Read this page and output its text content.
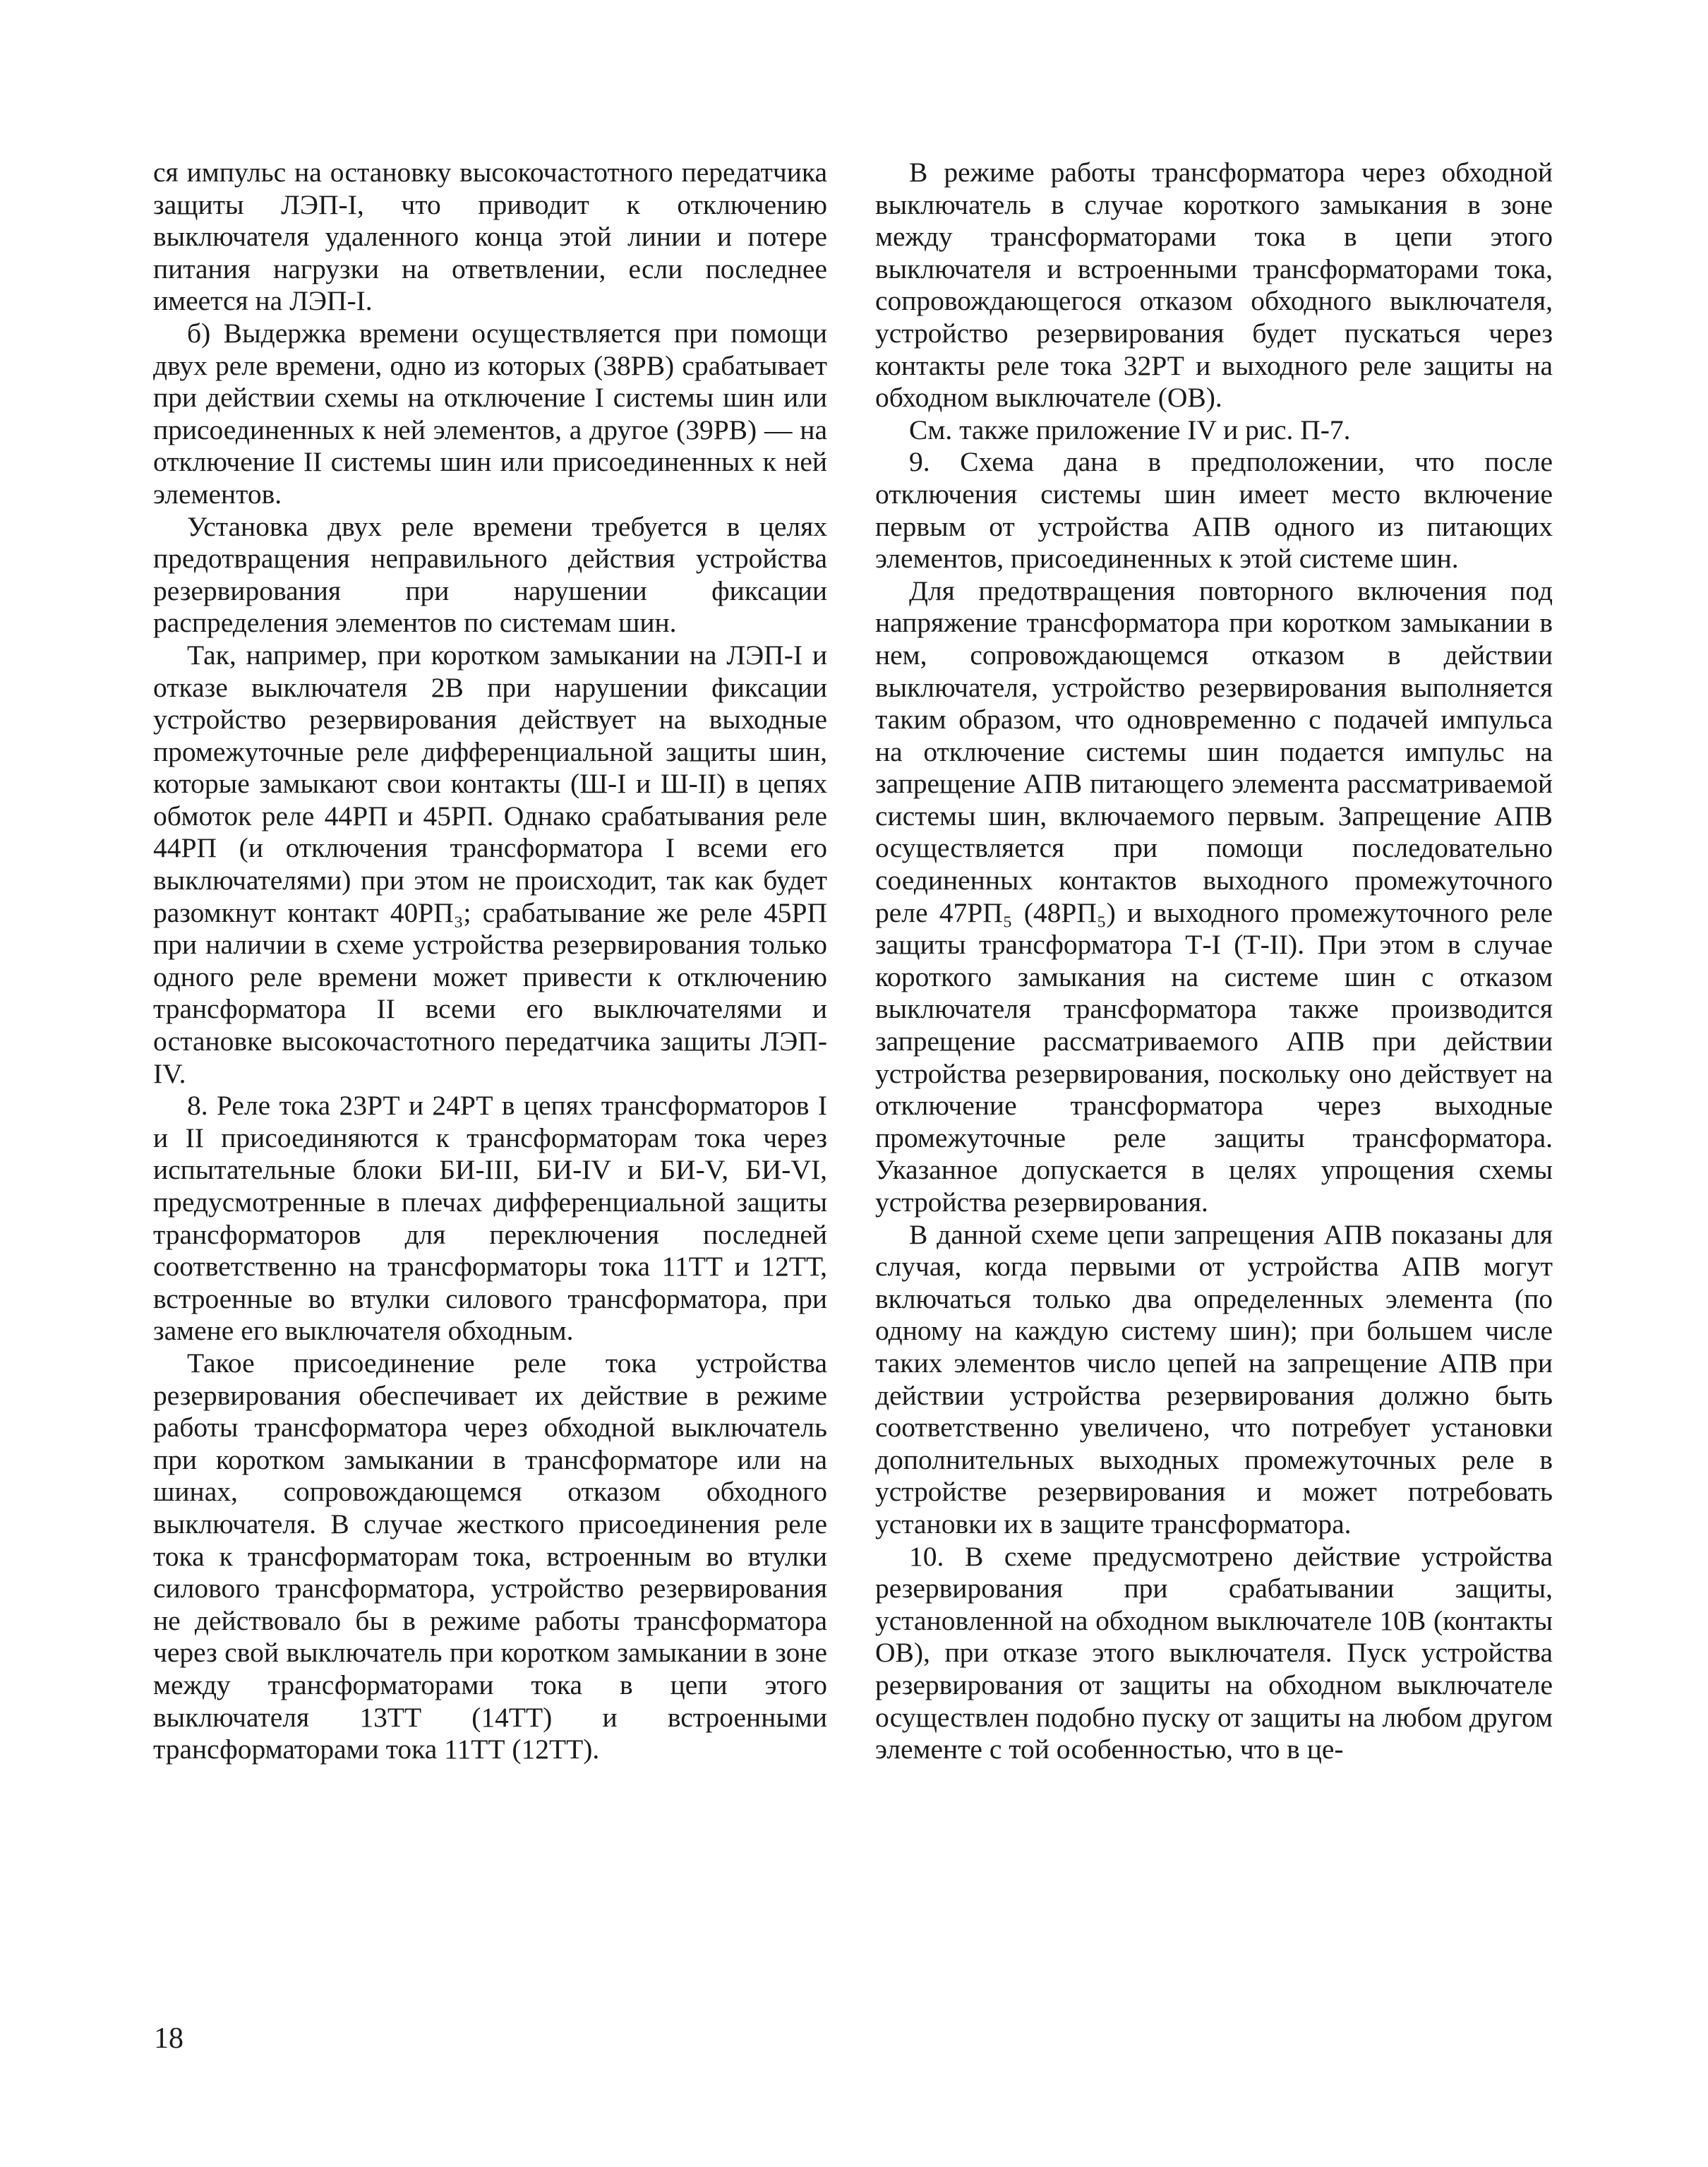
ся импульс на остановку высокочастотного передатчика защиты ЛЭП-I, что приводит к отключению выключателя удаленного конца этой линии и потере питания нагрузки на ответвлении, если последнее имеется на ЛЭП-I.

б) Выдержка времени осуществляется при помощи двух реле времени, одно из которых (38РВ) срабатывает при действии схемы на отключение I системы шин или присоединенных к ней элементов, а другое (39РВ) — на отключение II системы шин или присоединенных к ней элементов.

Установка двух реле времени требуется в целях предотвращения неправильного действия устройства резервирования при нарушении фиксации распределения элементов по системам шин.

Так, например, при коротком замыкании на ЛЭП-I и отказе выключателя 2В при нарушении фиксации устройство резервирования действует на выходные промежуточные реле дифференциальной защиты шин, которые замыкают свои контакты (Ш-I и Ш-II) в цепях обмоток реле 44РП и 45РП. Однако срабатывания реле 44РП (и отключения трансформатора I всеми его выключателями) при этом не происходит, так как будет разомкнут контакт 40РП₃; срабатывание же реле 45РП при наличии в схеме устройства резервирования только одного реле времени может привести к отключению трансформатора II всеми его выключателями и остановке высокочастотного передатчика защиты ЛЭП-IV.

8. Реле тока 23РТ и 24РТ в цепях трансформаторов I и II присоединяются к трансформаторам тока через испытательные блоки БИ-III, БИ-IV и БИ-V, БИ-VI, предусмотренные в плечах дифференциальной защиты трансформаторов для переключения последней соответственно на трансформаторы тока 11ТТ и 12ТТ, встроенные во втулки силового трансформатора, при замене его выключателя обходным.

Такое присоединение реле тока устройства резервирования обеспечивает их действие в режиме работы трансформатора через обходной выключатель при коротком замыкании в трансформаторе или на шинах, сопровождающемся отказом обходного выключателя. В случае жесткого присоединения реле тока к трансформаторам тока, встроенным во втулки силового трансформатора, устройство резервирования не действовало бы в режиме работы трансформатора через свой выключатель при коротком замыкании в зоне между трансформаторами тока в цепи этого выключателя 13ТТ (14ТТ) и встроенными трансформаторами тока 11ТТ (12ТТ).

В режиме работы трансформатора через обходной выключатель в случае короткого замыкания в зоне между трансформаторами тока в цепи этого выключателя и встроенными трансформаторами тока, сопровождающегося отказом обходного выключателя, устройство резервирования будет пускаться через контакты реле тока 32РТ и выходного реле защиты на обходном выключателе (ОВ).

См. также приложение IV и рис. П-7.

9. Схема дана в предположении, что после отключения системы шин имеет место включение первым от устройства АПВ одного из питающих элементов, присоединенных к этой системе шин.

Для предотвращения повторного включения под напряжение трансформатора при коротком замыкании в нем, сопровождающемся отказом в действии выключателя, устройство резервирования выполняется таким образом, что одновременно с подачей импульса на отключение системы шин подается импульс на запрещение АПВ питающего элемента рассматриваемой системы шин, включаемого первым. Запрещение АПВ осуществляется при помощи последовательно соединенных контактов выходного промежуточного реле 47РП₅ (48РП₅) и выходного промежуточного реле защиты трансформатора Т-I (Т-II). При этом в случае короткого замыкания на системе шин с отказом выключателя трансформатора также производится запрещение рассматриваемого АПВ при действии устройства резервирования, поскольку оно действует на отключение трансформатора через выходные промежуточные реле защиты трансформатора. Указанное допускается в целях упрощения схемы устройства резервирования.

В данной схеме цепи запрещения АПВ показаны для случая, когда первыми от устройства АПВ могут включаться только два определенных элемента (по одному на каждую систему шин); при большем числе таких элементов число цепей на запрещение АПВ при действии устройства резервирования должно быть соответственно увеличено, что потребует установки дополнительных выходных промежуточных реле в устройстве резервирования и может потребовать установки их в защите трансформатора.

10. В схеме предусмотрено действие устройства резервирования при срабатывании защиты, установленной на обходном выключателе 10В (контакты ОВ), при отказе этого выключателя. Пуск устройства резервирования от защиты на обходном выключателе осуществлен подобно пуску от защиты на любом другом элементе с той особенностью, что в це-

18
